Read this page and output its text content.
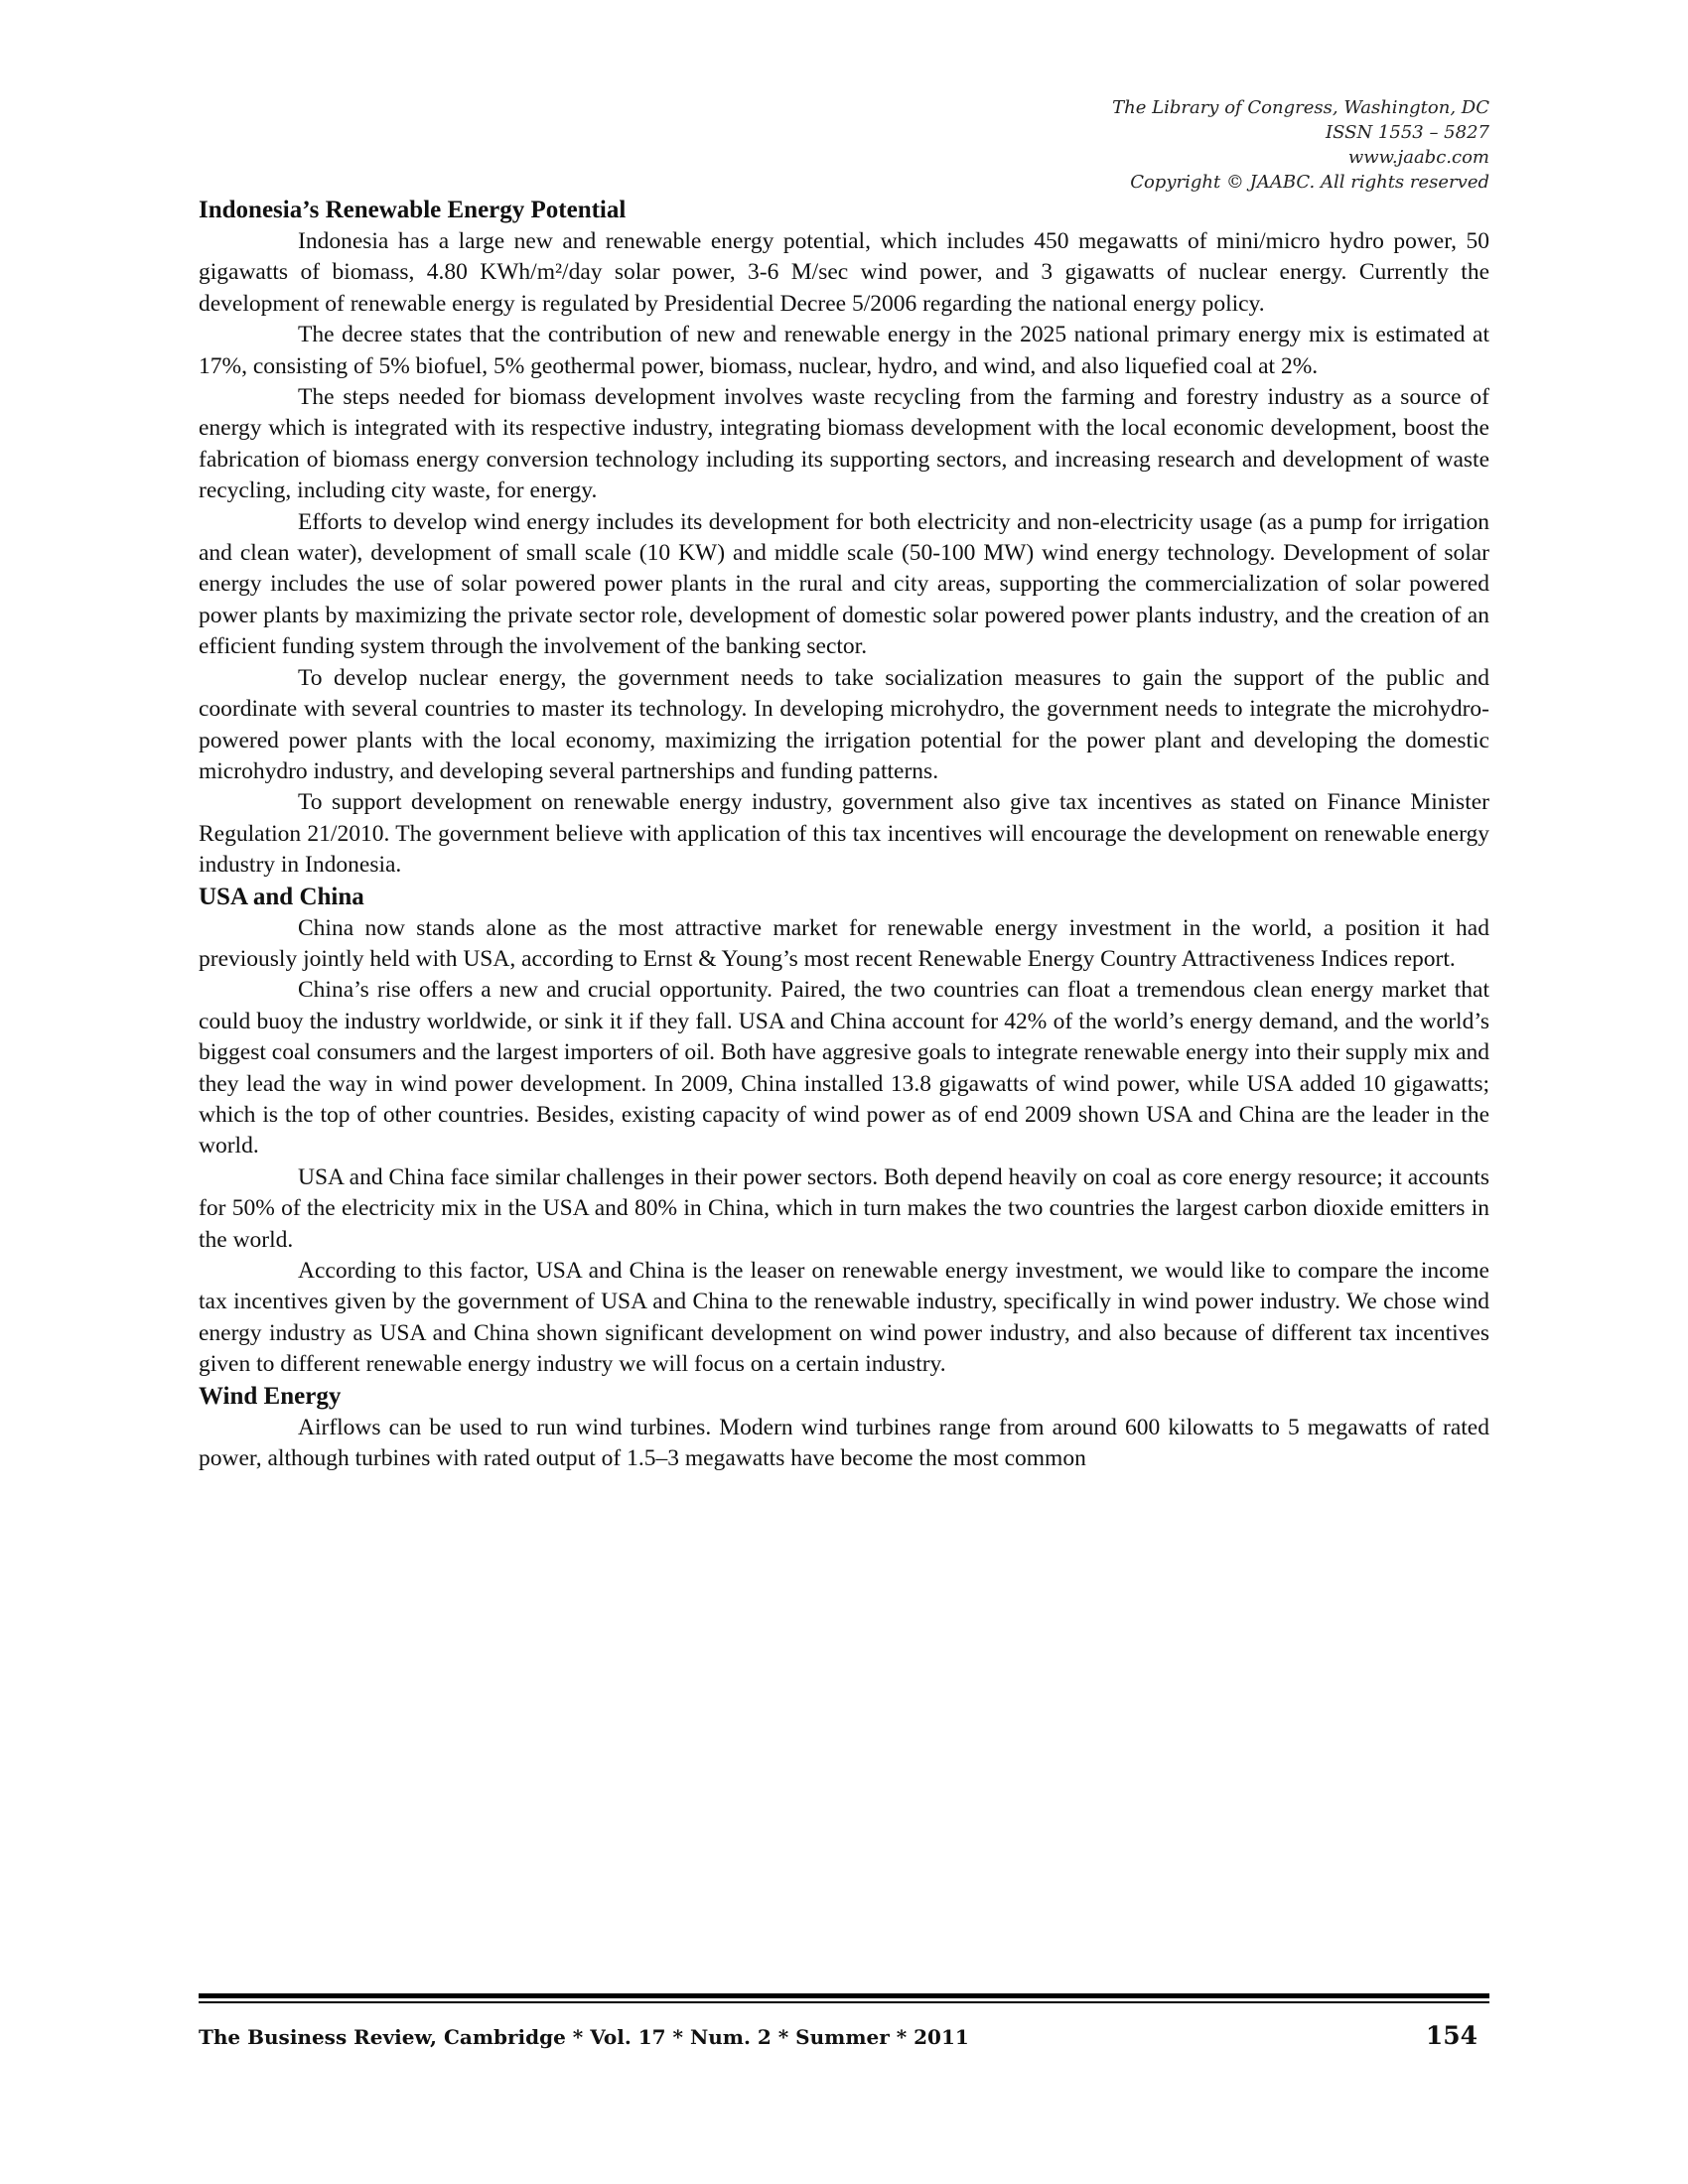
The Library of Congress, Washington, DC
ISSN 1553 – 5827
www.jaabc.com
Copyright © JAABC. All rights reserved
Indonesia’s Renewable Energy Potential

Indonesia has a large new and renewable energy potential, which includes 450 megawatts of mini/micro hydro power, 50 gigawatts of biomass, 4.80 KWh/m²/day solar power, 3-6 M/sec wind power, and 3 gigawatts of nuclear energy. Currently the development of renewable energy is regulated by Presidential Decree 5/2006 regarding the national energy policy.

The decree states that the contribution of new and renewable energy in the 2025 national primary energy mix is estimated at 17%, consisting of 5% biofuel, 5% geothermal power, biomass, nuclear, hydro, and wind, and also liquefied coal at 2%.

The steps needed for biomass development involves waste recycling from the farming and forestry industry as a source of energy which is integrated with its respective industry, integrating biomass development with the local economic development, boost the fabrication of biomass energy conversion technology including its supporting sectors, and increasing research and development of waste recycling, including city waste, for energy.

Efforts to develop wind energy includes its development for both electricity and non-electricity usage (as a pump for irrigation and clean water), development of small scale (10 KW) and middle scale (50-100 MW) wind energy technology. Development of solar energy includes the use of solar powered power plants in the rural and city areas, supporting the commercialization of solar powered power plants by maximizing the private sector role, development of domestic solar powered power plants industry, and the creation of an efficient funding system through the involvement of the banking sector.

To develop nuclear energy, the government needs to take socialization measures to gain the support of the public and coordinate with several countries to master its technology. In developing microhydro, the government needs to integrate the microhydro-powered power plants with the local economy, maximizing the irrigation potential for the power plant and developing the domestic microhydro industry, and developing several partnerships and funding patterns.

To support development on renewable energy industry, government also give tax incentives as stated on Finance Minister Regulation 21/2010. The government believe with application of this tax incentives will encourage the development on renewable energy industry in Indonesia.

USA and China

China now stands alone as the most attractive market for renewable energy investment in the world, a position it had previously jointly held with USA, according to Ernst & Young’s most recent Renewable Energy Country Attractiveness Indices report.

China’s rise offers a new and crucial opportunity. Paired, the two countries can float a tremendous clean energy market that could buoy the industry worldwide, or sink it if they fall. USA and China account for 42% of the world’s energy demand, and the world’s biggest coal consumers and the largest importers of oil. Both have aggresive goals to integrate renewable energy into their supply mix and they lead the way in wind power development. In 2009, China installed 13.8 gigawatts of wind power, while USA added 10 gigawatts; which is the top of other countries. Besides, existing capacity of wind power as of end 2009 shown USA and China are the leader in the world.

USA and China face similar challenges in their power sectors. Both depend heavily on coal as core energy resource; it accounts for 50% of the electricity mix in the USA and 80% in China, which in turn makes the two countries the largest carbon dioxide emitters in the world.

According to this factor, USA and China is the leaser on renewable energy investment, we would like to compare the income tax incentives given by the government of USA and China to the renewable industry, specifically in wind power industry. We chose wind energy industry as USA and China shown significant development on wind power industry, and also because of different tax incentives given to different renewable energy industry we will focus on a certain industry.

Wind Energy

Airflows can be used to run wind turbines. Modern wind turbines range from around 600 kilowatts to 5 megawatts of rated power, although turbines with rated output of 1.5–3 megawatts have become the most common

The Business Review, Cambridge * Vol. 17 * Num. 2 * Summer * 2011	154
